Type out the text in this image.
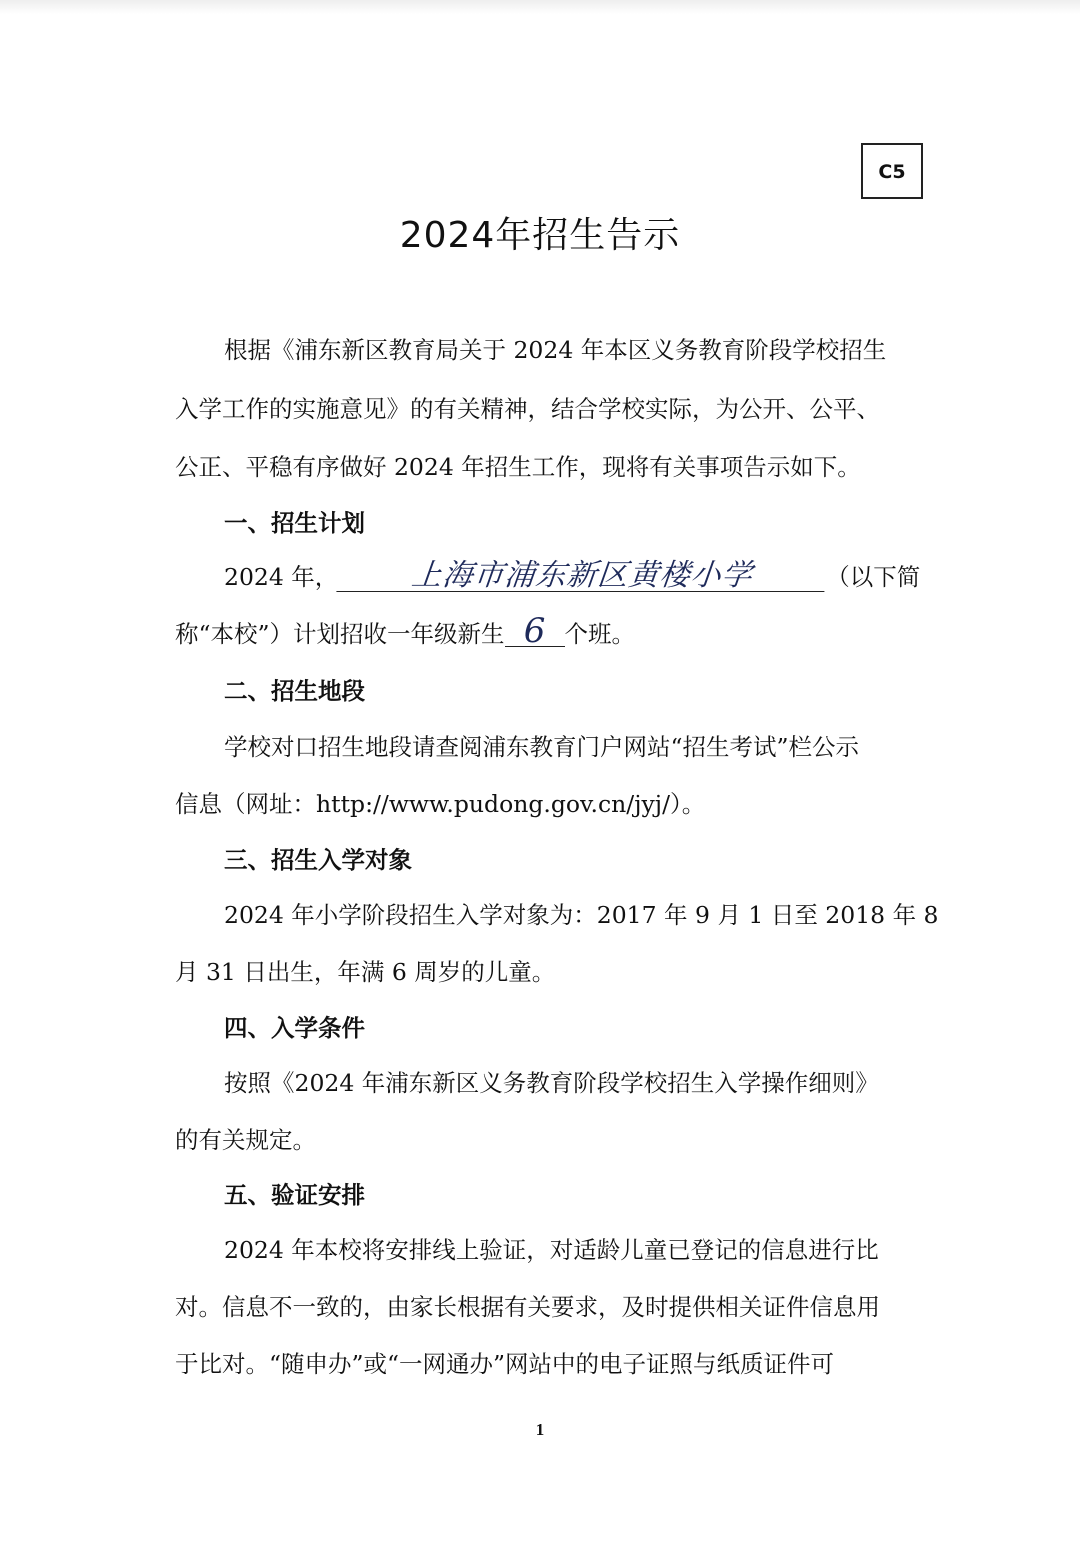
C5
2024年招生告示
根据《浦东新区教育局关于 2024 年本区义务教育阶段学校招生
入学工作的实施意见》的有关精神，结合学校实际，为公开、公平、
公正、平稳有序做好 2024 年招生工作，现将有关事项告示如下。
一、招生计划
2024 年， 上海市浦东新区黄楼小学	（以下简
称“本校”）计划招收一年级新生 6 个班。
二、招生地段
学校对口招生地段请查阅浦东教育门户网站“招生考试”栏公示
信息（网址：http://www.pudong.gov.cn/jyj/）。
三、招生入学对象
2024 年小学阶段招生入学对象为：2017 年 9 月 1 日至 2018 年 8
月 31 日出生，年满 6 周岁的儿童。
四、入学条件
按照《2024 年浦东新区义务教育阶段学校招生入学操作细则》
的有关规定。
五、验证安排
2024 年本校将安排线上验证，对适龄儿童已登记的信息进行比
对。信息不一致的，由家长根据有关要求，及时提供相关证件信息用
于比对。“随申办”或“一网通办”网站中的电子证照与纸质证件可
1
